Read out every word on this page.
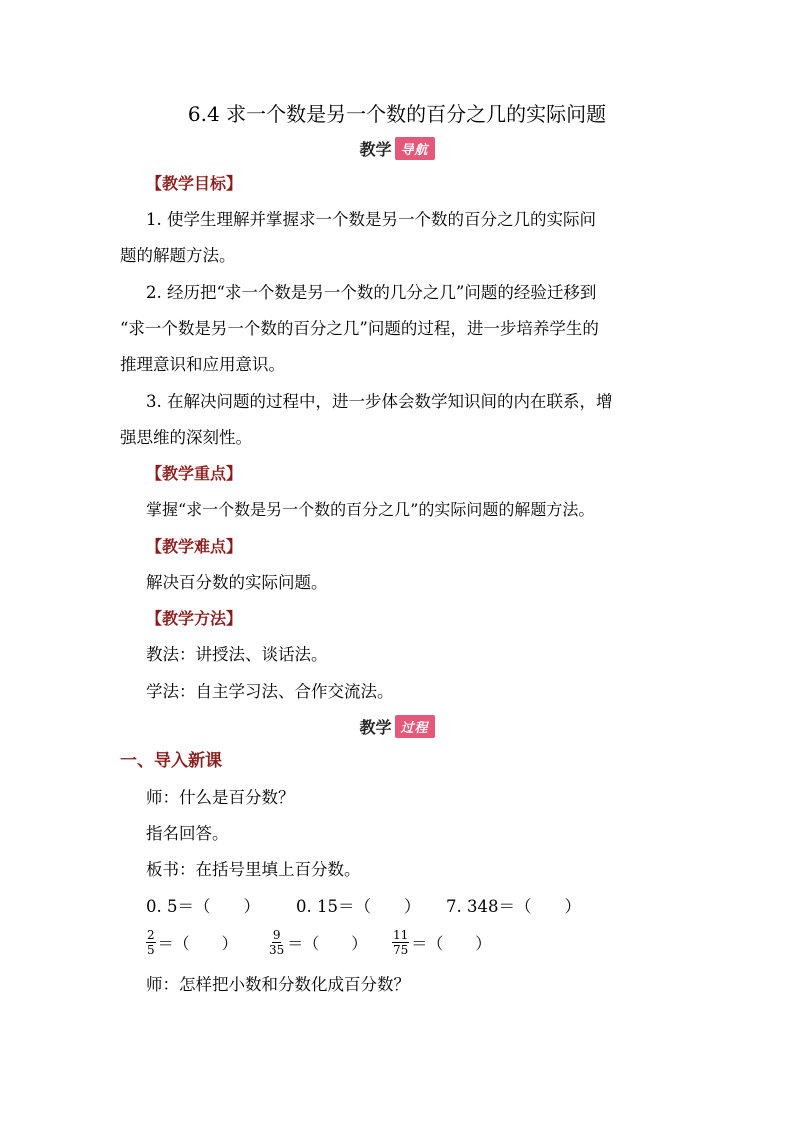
6.4 求一个数是另一个数的百分之几的实际问题
教学 导航
【教学目标】
1. 使学生理解并掌握求一个数是另一个数的百分之几的实际问
题的解题方法。
2. 经历把“求一个数是另一个数的几分之几”问题的经验迁移到
“求一个数是另一个数的百分之几”问题的过程，进一步培养学生的
推理意识和应用意识。
3. 在解决问题的过程中，进一步体会数学知识间的内在联系，增
强思维的深刻性。
【教学重点】
掌握“求一个数是另一个数的百分之几”的实际问题的解题方法。
【教学难点】
解决百分数的实际问题。
【教学方法】
教法：讲授法、谈话法。
学法：自主学习法、合作交流法。
教学 过程
一、导入新课
师：什么是百分数？
指名回答。
板书：在括号里填上百分数。
0. 5＝（　　） 0. 15＝（　　） 7. 348＝（　　）
$\frac{2}{5}$ ＝（　　）	$\frac{9}{35}$ ＝（　　） $\frac{11}{75}$ ＝（　　）
师：怎样把小数和分数化成百分数？
